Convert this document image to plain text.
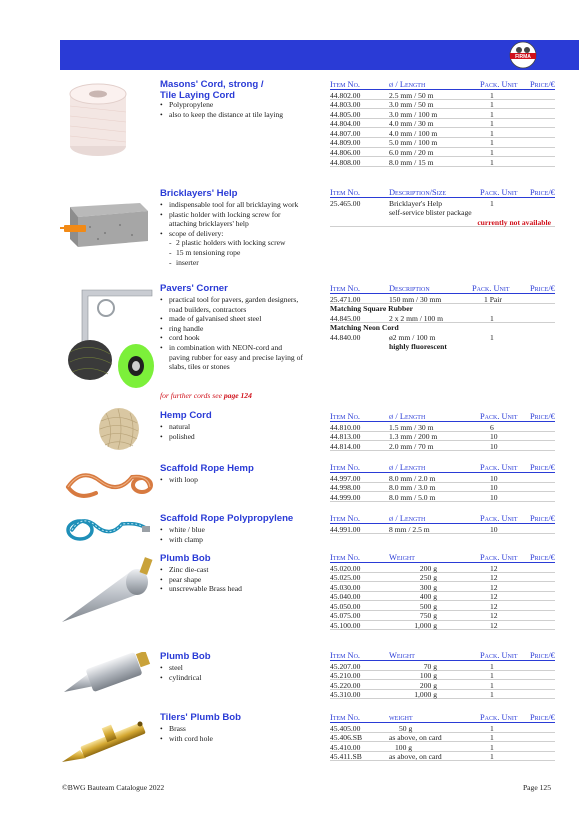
Measuring Equipment
FIRMA
Masons' Cord, strong /
Tile Laying Cord
• Polypropylene
• also to keep the distance at tile laying
Item No.	ø / Length	Pack. Unit Price/€
44.802.00	2.5 mm / 50 m	1
44.803.00	3.0 mm / 50 m	1
44.805.00	3.0 mm / 100 m	1
44.804.00	4.0 mm / 30 m	1
44.807.00	4.0 mm / 100 m	1
44.809.00	5.0 mm / 100 m	1
44.806.00	6.0 mm / 20 m	1
44.808.00	8.0 mm / 15 m	1
Bricklayers' Help
• indispensable tool for all bricklaying work
• plastic holder with locking screw for
attaching bricklayers' help
• scope of delivery:
- 2 plastic holders with locking screw
- 15 m tensioning rope
- inserter
Item No.	Description/Size	Pack. Unit Price/€
25.465.00	Bricklayer's Help	1
self-service blister package
currently not available
Pavers' Corner
• practical tool for pavers, garden designers,
road builders, contractors
• made of galvanised sheet steel
• ring handle
• cord hook
• in combination with NEON-cord and
paving rubber for easy and precise laying of
slabs, tiles or stones
Item No.	Description	Pack. Unit Price/€
25.471.00	150 mm / 30 mm	1 Pair
Matching Square Rubber
44.845.00	2 x 2 mm / 100 m	1
Matching Neon Cord
44.840.00	ø2 mm / 100 m	1
highly fluorescent
for further cords see page 124
Hemp Cord
• natural
• polished
Item No.	ø / Length	Pack. Unit Price/€
44.810.00	1.5 mm / 30 m	6
44.813.00	1.3 mm / 200 m	10
44.814.00	2.0 mm / 70 m	10
Scaffold Rope Hemp
• with loop
Item No.	ø / Length	Pack. Unit Price/€
44.997.00	8.0 mm / 2.0 m	10
44.998.00	8.0 mm / 3.0 m	10
44.999.00	8.0 mm / 5.0 m	10
Scaffold Rope Polypropylene
• white / blue
• with clamp
Item No.	ø / Length	Pack. Unit Price/€
44.991.00	8 mm / 2.5 m	10
Plumb Bob
• Zinc die-cast
• pear shape
• unscrewable Brass head
Item No.	Weight	Pack. Unit Price/€
45.020.00	200 g	12
45.025.00	250 g	12
45.030.00	300 g	12
45.040.00	400 g	12
45.050.00	500 g	12
45.075.00	750 g	12
45.100.00	1,000 g	12
Plumb Bob
• steel
• cylindrical
Item No.	Weight	Pack. Unit Price/€
45.207.00	70 g	1
45.210.00	100 g	1
45.220.00	200 g	1
45.310.00	1,000 g	1
Tilers' Plumb Bob
• Brass
• with cord hole
Item No.	weight	Pack. Unit Price/€
45.405.00	50 g	1
45.406.SB	as above, on card	1
45.410.00	100 g	1
45.411.SB	as above, on card	1
©BWG Bauteam Catalogue 2022	Page 125
